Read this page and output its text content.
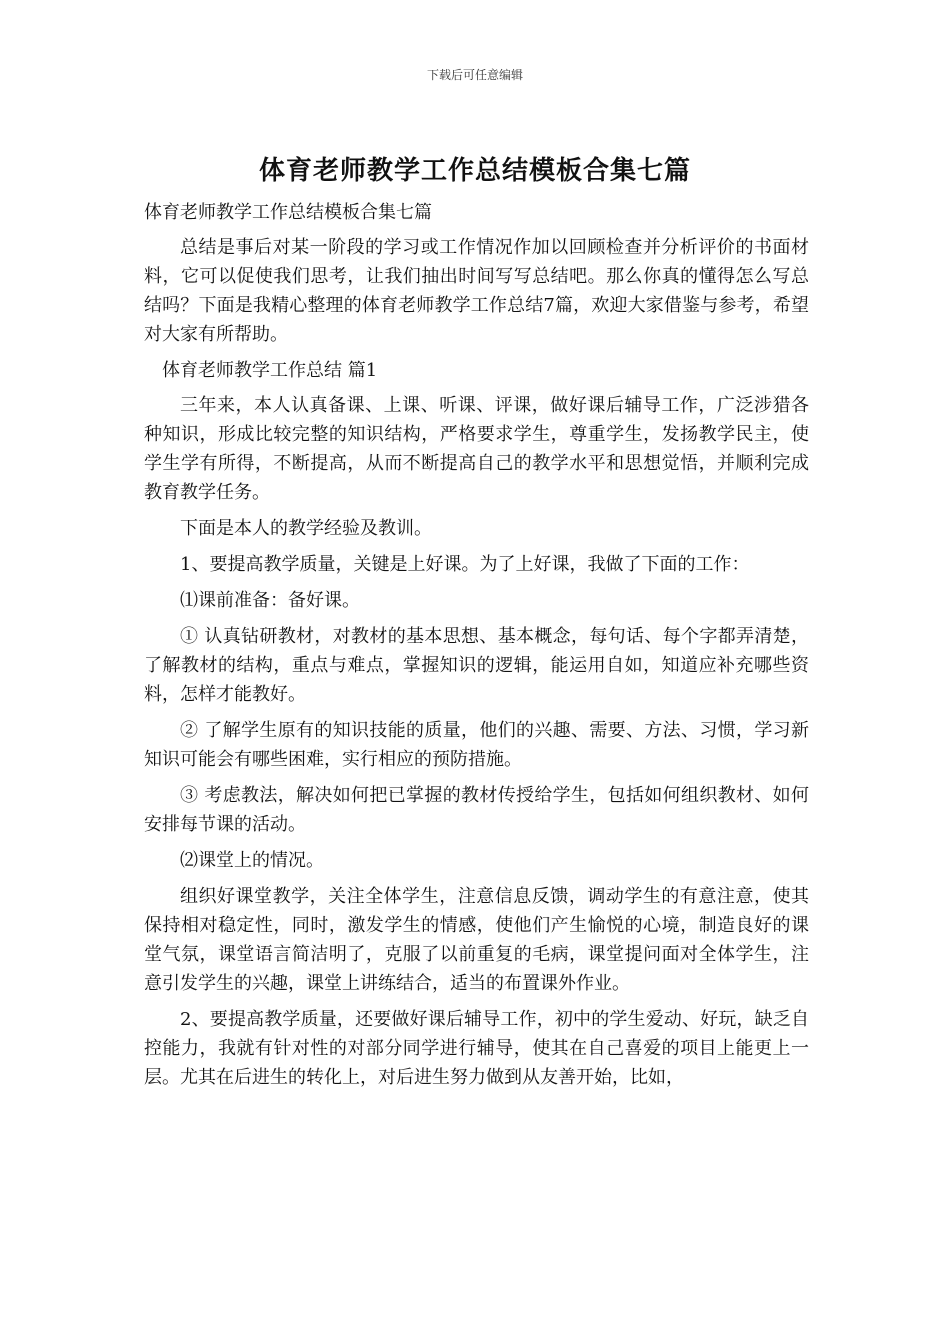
下载后可任意编辑
体育老师教学工作总结模板合集七篇

体育老师教学工作总结模板合集七篇

总结是事后对某一阶段的学习或工作情况作加以回顾检查并分析评价的书面材料，它可以促使我们思考，让我们抽出时间写写总结吧。那么你真的懂得怎么写总结吗？下面是我精心整理的体育老师教学工作总结7篇，欢迎大家借鉴与参考，希望对大家有所帮助。

体育老师教学工作总结 篇1

三年来，本人认真备课、上课、听课、评课，做好课后辅导工作，广泛涉猎各种知识，形成比较完整的知识结构，严格要求学生，尊重学生，发扬教学民主，使学生学有所得，不断提高，从而不断提高自己的教学水平和思想觉悟，并顺利完成教育教学任务。

下面是本人的教学经验及教训。

1、要提高教学质量，关键是上好课。为了上好课，我做了下面的工作：

⑴课前准备：备好课。

① 认真钻研教材，对教材的基本思想、基本概念，每句话、每个字都弄清楚，了解教材的结构，重点与难点，掌握知识的逻辑，能运用自如，知道应补充哪些资料，怎样才能教好。

② 了解学生原有的知识技能的质量，他们的兴趣、需要、方法、习惯，学习新知识可能会有哪些困难，实行相应的预防措施。

③ 考虑教法，解决如何把已掌握的教材传授给学生，包括如何组织教材、如何安排每节课的活动。

⑵课堂上的情况。

组织好课堂教学，关注全体学生，注意信息反馈，调动学生的有意注意，使其保持相对稳定性，同时，激发学生的情感，使他们产生愉悦的心境，制造良好的课堂气氛，课堂语言简洁明了，克服了以前重复的毛病，课堂提问面对全体学生，注意引发学生的兴趣，课堂上讲练结合，适当的布置课外作业。

2、要提高教学质量，还要做好课后辅导工作，初中的学生爱动、好玩，缺乏自控能力，我就有针对性的对部分同学进行辅导，使其在自己喜爱的项目上能更上一层。尤其在后进生的转化上，对后进生努力做到从友善开始，比如，
